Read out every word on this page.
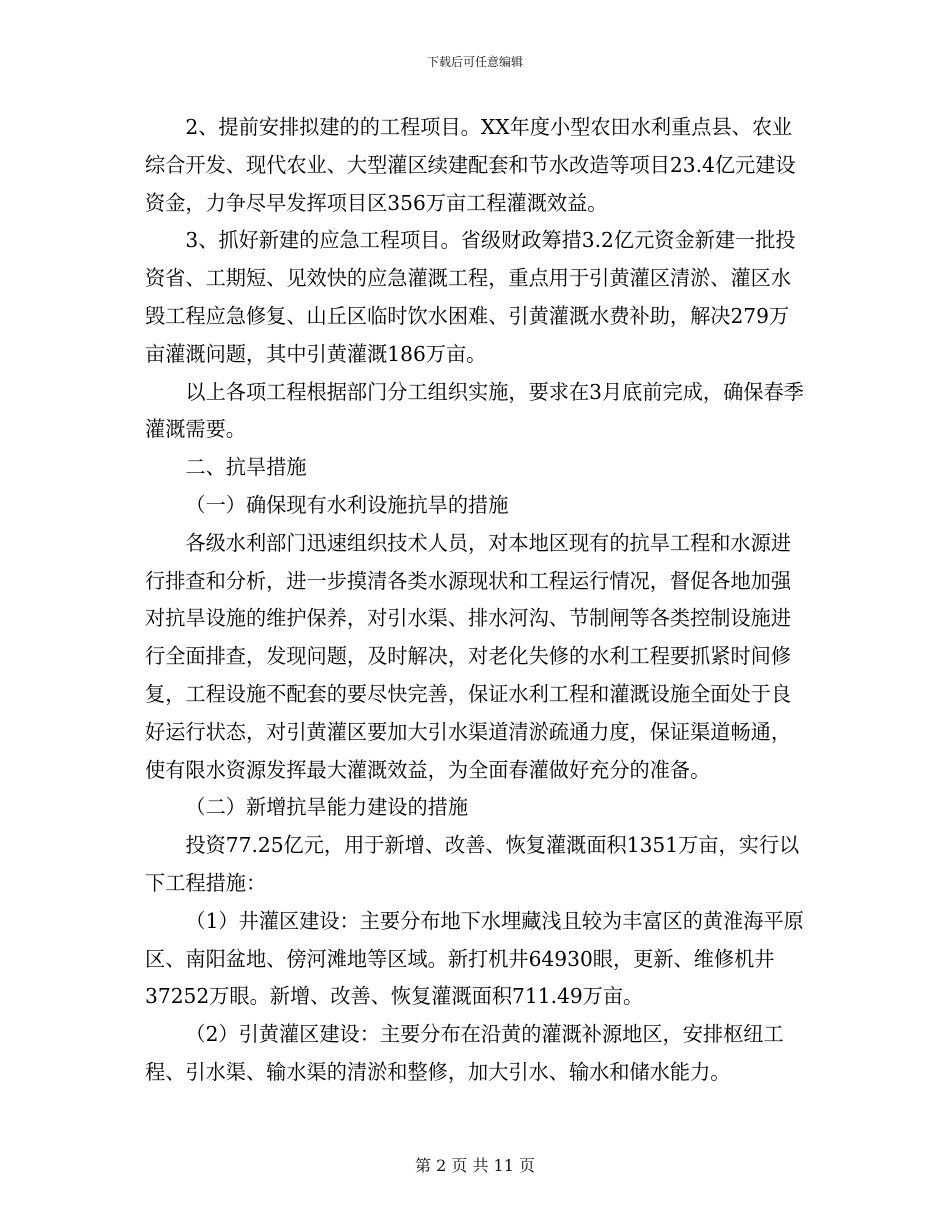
下载后可任意编辑

2、提前安排拟建的的工程项目。XX年度小型农田水利重点县、农业综合开发、现代农业、大型灌区续建配套和节水改造等项目23.4亿元建设资金，力争尽早发挥项目区356万亩工程灌溉效益。

3、抓好新建的应急工程项目。省级财政筹措3.2亿元资金新建一批投资省、工期短、见效快的应急灌溉工程，重点用于引黄灌区清淤、灌区水毁工程应急修复、山丘区临时饮水困难、引黄灌溉水费补助，解决279万亩灌溉问题，其中引黄灌溉186万亩。

以上各项工程根据部门分工组织实施，要求在3月底前完成，确保春季灌溉需要。

二、抗旱措施

（一）确保现有水利设施抗旱的措施

各级水利部门迅速组织技术人员，对本地区现有的抗旱工程和水源进行排查和分析，进一步摸清各类水源现状和工程运行情况，督促各地加强对抗旱设施的维护保养，对引水渠、排水河沟、节制闸等各类控制设施进行全面排查，发现问题，及时解决，对老化失修的水利工程要抓紧时间修复，工程设施不配套的要尽快完善，保证水利工程和灌溉设施全面处于良好运行状态，对引黄灌区要加大引水渠道清淤疏通力度，保证渠道畅通，使有限水资源发挥最大灌溉效益，为全面春灌做好充分的准备。

（二）新增抗旱能力建设的措施

投资77.25亿元，用于新增、改善、恢复灌溉面积1351万亩，实行以下工程措施：

（1）井灌区建设：主要分布地下水埋藏浅且较为丰富区的黄淮海平原区、南阳盆地、傍河滩地等区域。新打机井64930眼，更新、维修机井37252万眼。新增、改善、恢复灌溉面积711.49万亩。

（2）引黄灌区建设：主要分布在沿黄的灌溉补源地区，安排枢纽工程、引水渠、输水渠的清淤和整修，加大引水、输水和储水能力。

第 2 页 共 11 页
